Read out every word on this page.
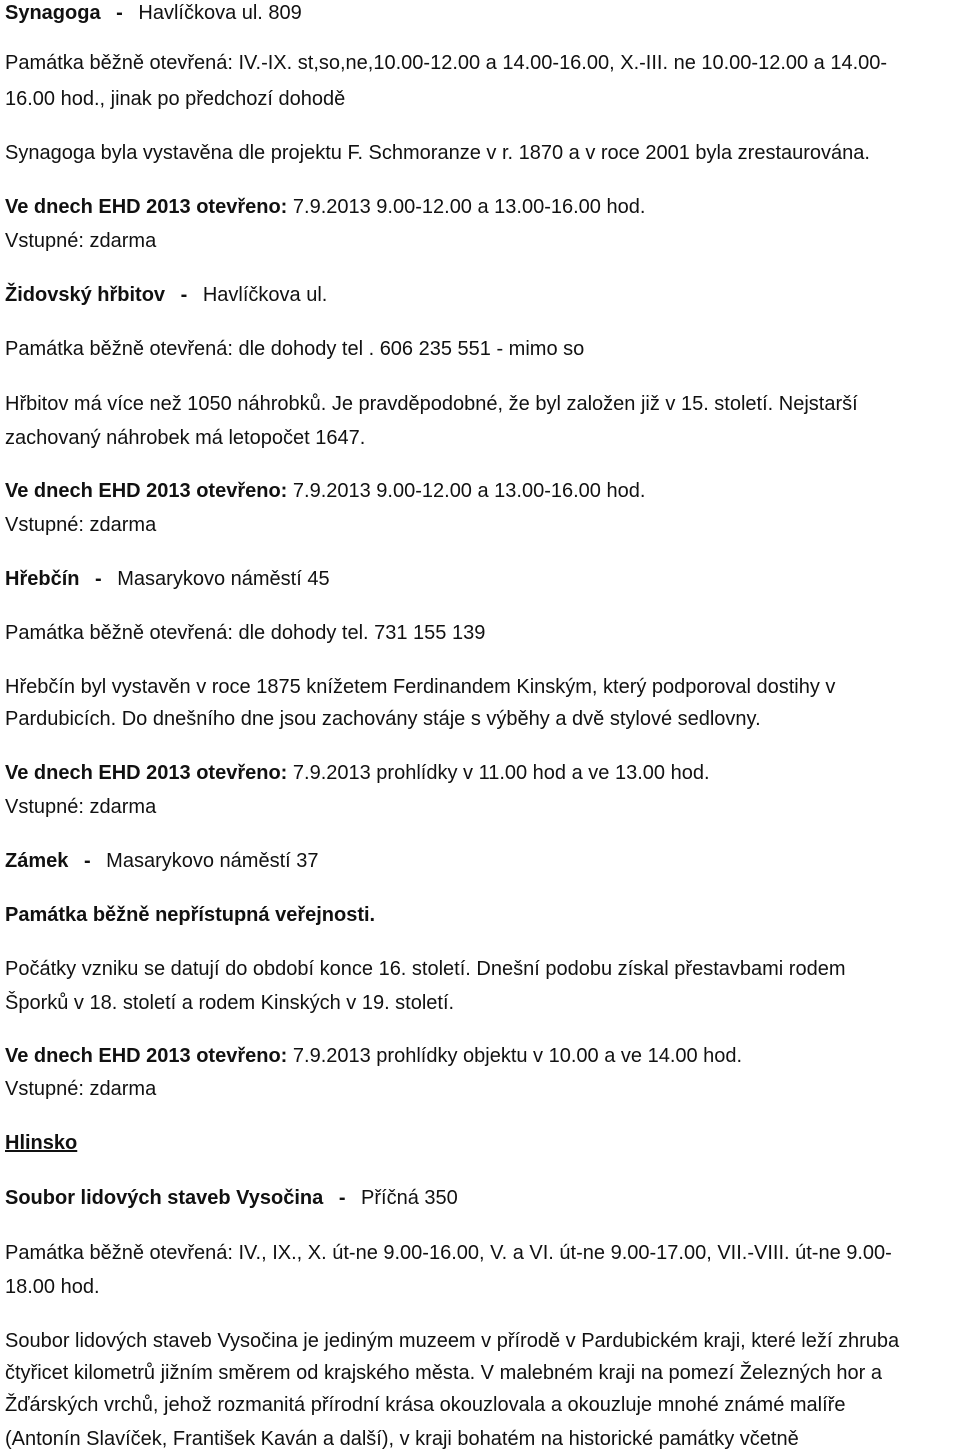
Synagoga - Havlíčkova ul. 809
Památka běžně otevřená: IV.-IX. st,so,ne,10.00-12.00 a 14.00-16.00, X.-III. ne 10.00-12.00 a 14.00-
16.00 hod., jinak po předchozí dohodě
Synagoga byla vystavěna dle projektu F. Schmoranze v r. 1870 a v roce 2001 byla zrestaurována.
Ve dnech EHD 2013 otevřeno: 7.9.2013 9.00-12.00 a 13.00-16.00 hod.
Vstupné: zdarma
Židovský hřbitov - Havlíčkova ul.
Památka běžně otevřená: dle dohody tel . 606 235 551 - mimo so
Hřbitov má více než 1050 náhrobků. Je pravděpodobné, že byl založen již v 15. století. Nejstarší
zachovaný náhrobek má letopočet 1647.
Ve dnech EHD 2013 otevřeno: 7.9.2013 9.00-12.00 a 13.00-16.00 hod.
Vstupné: zdarma
Hřebčín - Masarykovo náměstí 45
Památka běžně otevřená: dle dohody tel. 731 155 139
Hřebčín byl vystavěn v roce 1875 knížetem Ferdinandem Kinským, který podporoval dostihy v
Pardubicích. Do dnešního dne jsou zachovány stáje s výběhy a dvě stylové sedlovny.
Ve dnech EHD 2013 otevřeno: 7.9.2013 prohlídky v 11.00 hod a ve 13.00 hod.
Vstupné: zdarma
Zámek - Masarykovo náměstí 37
Památka běžně nepřístupná veřejnosti.
Počátky vzniku se datují do období konce 16. století. Dnešní podobu získal přestavbami rodem
Šporků v 18. století a rodem Kinských v 19. století.
Ve dnech EHD 2013 otevřeno: 7.9.2013 prohlídky objektu v 10.00 a ve 14.00 hod.
Vstupné: zdarma
Hlinsko
Soubor lidových staveb Vysočina - Příčná 350
Památka běžně otevřená: IV., IX., X. út-ne 9.00-16.00, V. a VI. út-ne 9.00-17.00, VII.-VIII. út-ne 9.00-
18.00 hod.
Soubor lidových staveb Vysočina je jediným muzeem v přírodě v Pardubickém kraji, které leží zhruba
čtyřicet kilometrů jižním směrem od krajského města. V malebném kraji na pomezí Železných hor a
Žďárských vrchů, jehož rozmanitá přírodní krása okouzlovala a okouzluje mnohé známé malíře
(Antonín Slavíček, František Kaván a další), v kraji bohatém na historické památky včetně
